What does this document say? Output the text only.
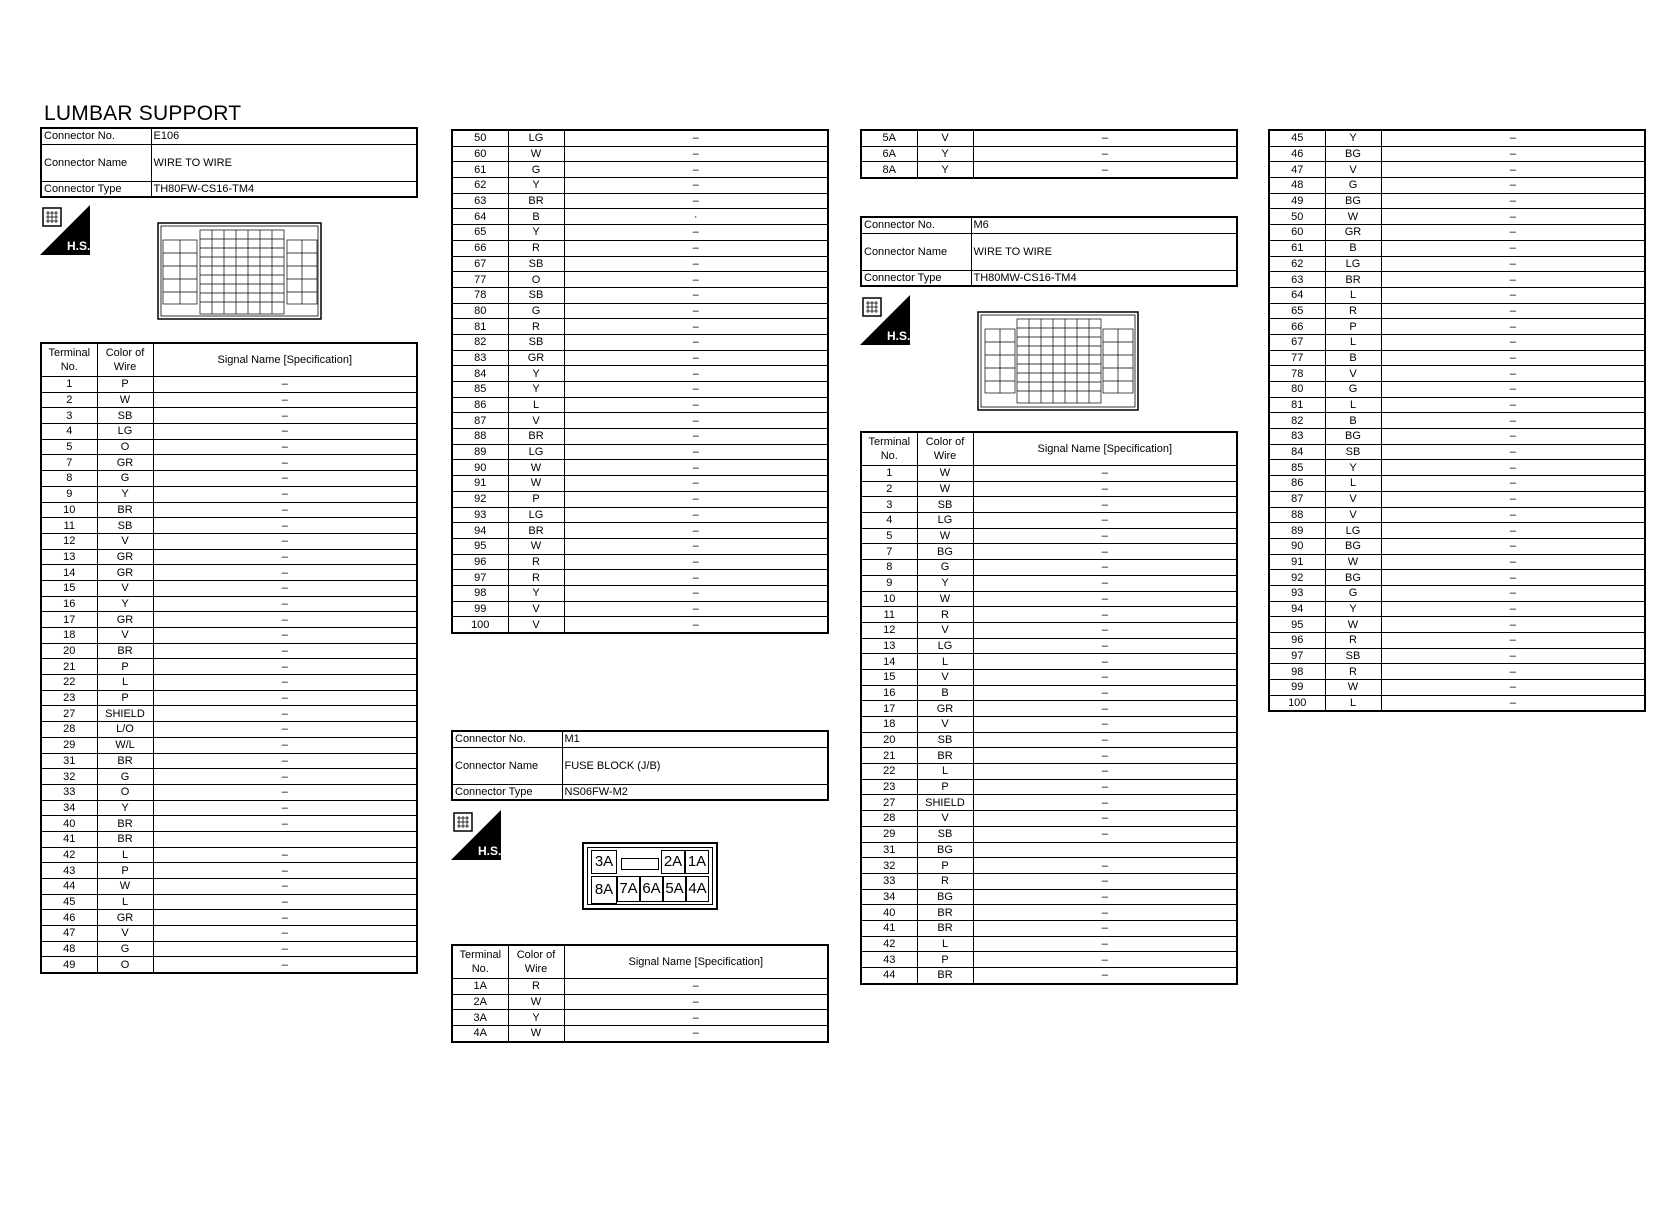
LUMBAR SUPPORT
Connector No.	E106
Connector Name	WIRE TO WIRE
Connector Type	TH80FW-CS16-TM4
H.S.
Terminal No.	Color of Wire	Signal Name [Specification]
1	P	–
2	W	–
3	SB	–
4	LG	–
5	O	–
7	GR	–
8	G	–
9	Y	–
10	BR	–
11	SB	–
12	V	–
13	GR	–
14	GR	–
15	V	–
16	Y	–
17	GR	–
18	V	–
20	BR	–
21	P	–
22	L	–
23	P	–
27	SHIELD	–
28	L/O	–
29	W/L	–
31	BR	–
32	G	–
33	O	–
34	Y	–
40	BR	–
41	BR	
42	L	–
43	P	–
44	W	–
45	L	–
46	GR	–
47	V	–
48	G	–
49	O	–
50	LG	–
60	W	–
61	G	–
62	Y	–
63	BR	–
64	B	·
65	Y	–
66	R	–
67	SB	–
77	O	–
78	SB	–
80	G	–
81	R	–
82	SB	–
83	GR	–
84	Y	–
85	Y	–
86	L	–
87	V	–
88	BR	–
89	LG	–
90	W	–
91	W	–
92	P	–
93	LG	–
94	BR	–
95	W	–
96	R	–
97	R	–
98	Y	–
99	V	–
100	V	–
Connector No.	M1
Connector Name	FUSE BLOCK (J/B)
Connector Type	NS06FW-M2
H.S.
3A	2A 1A
8A 7A 6A 5A 4A
Terminal No.	Color of Wire	Signal Name [Specification]
1A	R	–
2A	W	–
3A	Y	–
4A	W	–
5A	V	–
6A	Y	–
8A	Y	–
Connector No.	M6
Connector Name	WIRE TO WIRE
Connector Type	TH80MW-CS16-TM4
H.S.
Terminal No.	Color of Wire	Signal Name [Specification]
1	W	–
2	W	–
3	SB	–
4	LG	–
5	W	–
7	BG	–
8	G	–
9	Y	–
10	W	–
11	R	–
12	V	–
13	LG	–
14	L	–
15	V	–
16	B	–
17	GR	–
18	V	–
20	SB	–
21	BR	–
22	L	–
23	P	–
27	SHIELD	–
28	V	–
29	SB	–
31	BG	
32	P	–
33	R	–
34	BG	–
40	BR	–
41	BR	–
42	L	–
43	P	–
44	BR	–
45	Y	–
46	BG	–
47	V	–
48	G	–
49	BG	–
50	W	–
60	GR	–
61	B	–
62	LG	–
63	BR	–
64	L	–
65	R	–
66	P	–
67	L	–
77	B	–
78	V	–
80	G	–
81	L	–
82	B	–
83	BG	–
84	SB	–
85	Y	–
86	L	–
87	V	–
88	V	–
89	LG	–
90	BG	–
91	W	–
92	BG	–
93	G	–
94	Y	–
95	W	–
96	R	–
97	SB	–
98	R	–
99	W	–
100	L	–
